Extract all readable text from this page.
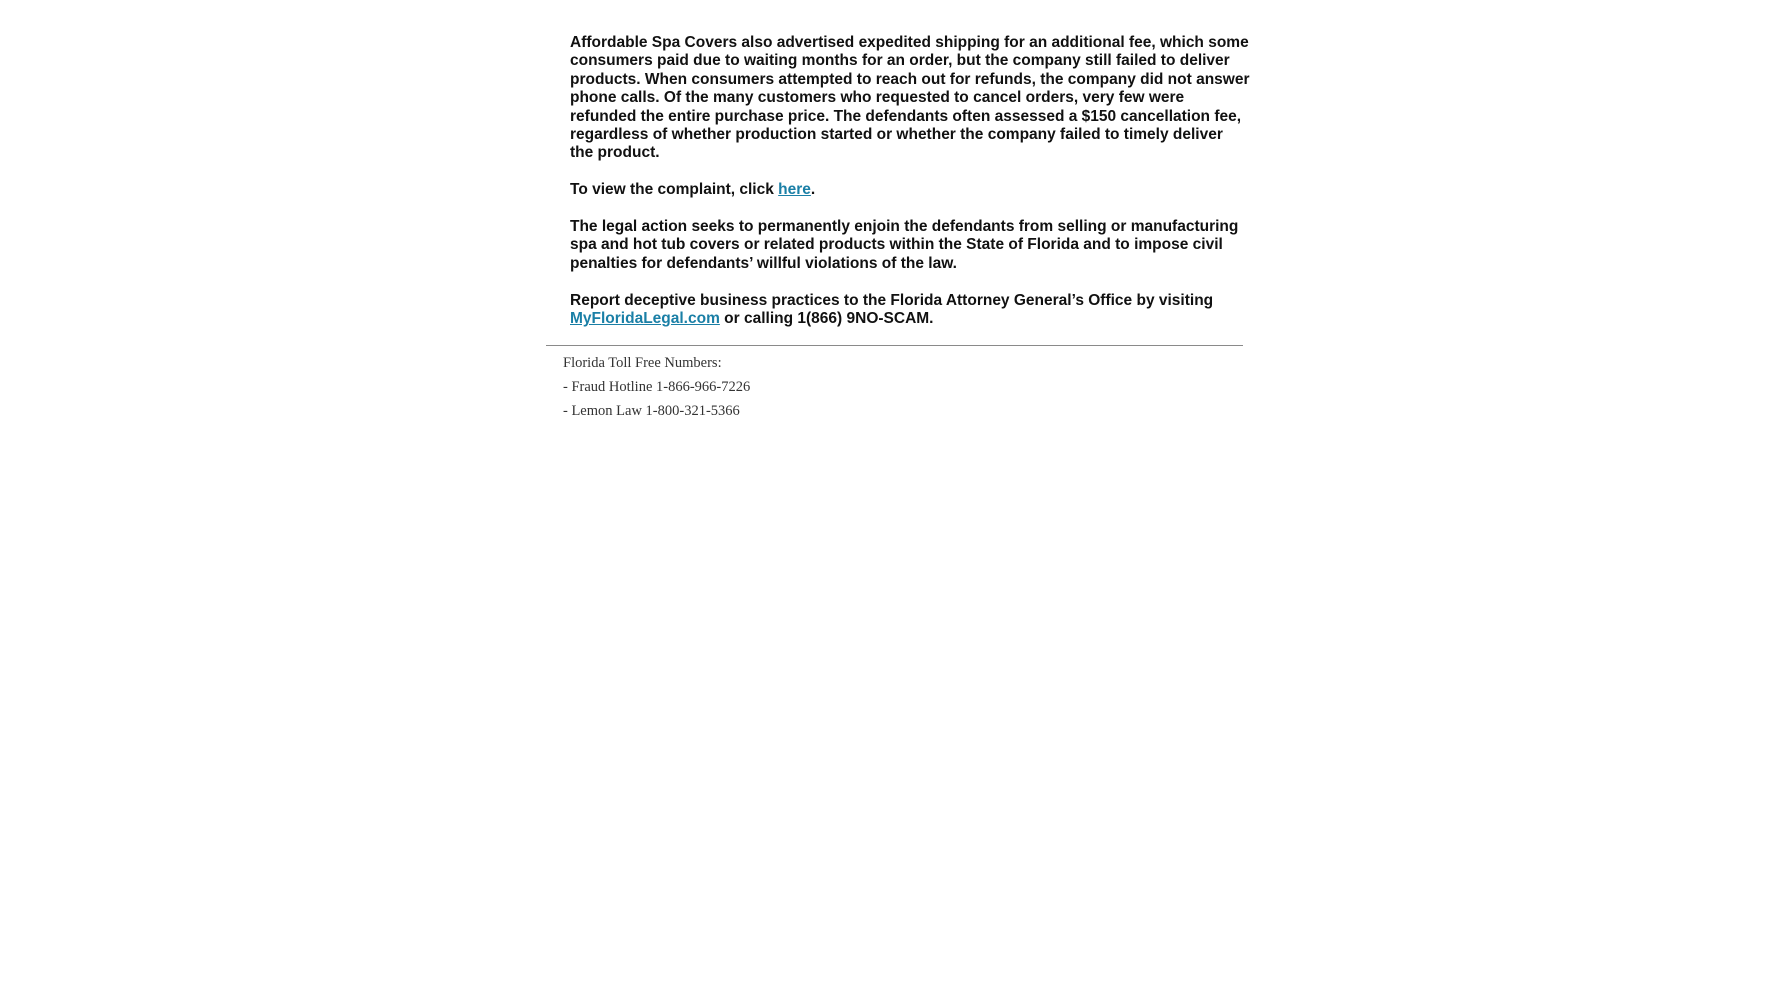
Affordable Spa Covers also advertised expedited shipping for an additional fee, which some consumers paid due to waiting months for an order, but the company still failed to deliver products. When consumers attempted to reach out for refunds, the company did not answer phone calls. Of the many customers who requested to cancel orders, very few were refunded the entire purchase price. The defendants often assessed a $150 cancellation fee, regardless of whether production started or whether the company failed to timely deliver the product.

To view the complaint, click here.

The legal action seeks to permanently enjoin the defendants from selling or manufacturing spa and hot tub covers or related products within the State of Florida and to impose civil penalties for defendants’ willful violations of the law.

Report deceptive business practices to the Florida Attorney General’s Office by visiting MyFloridaLegal.com or calling 1(866) 9NO-SCAM.

Florida Toll Free Numbers:
- Fraud Hotline 1-866-966-7226
- Lemon Law 1-800-321-5366
